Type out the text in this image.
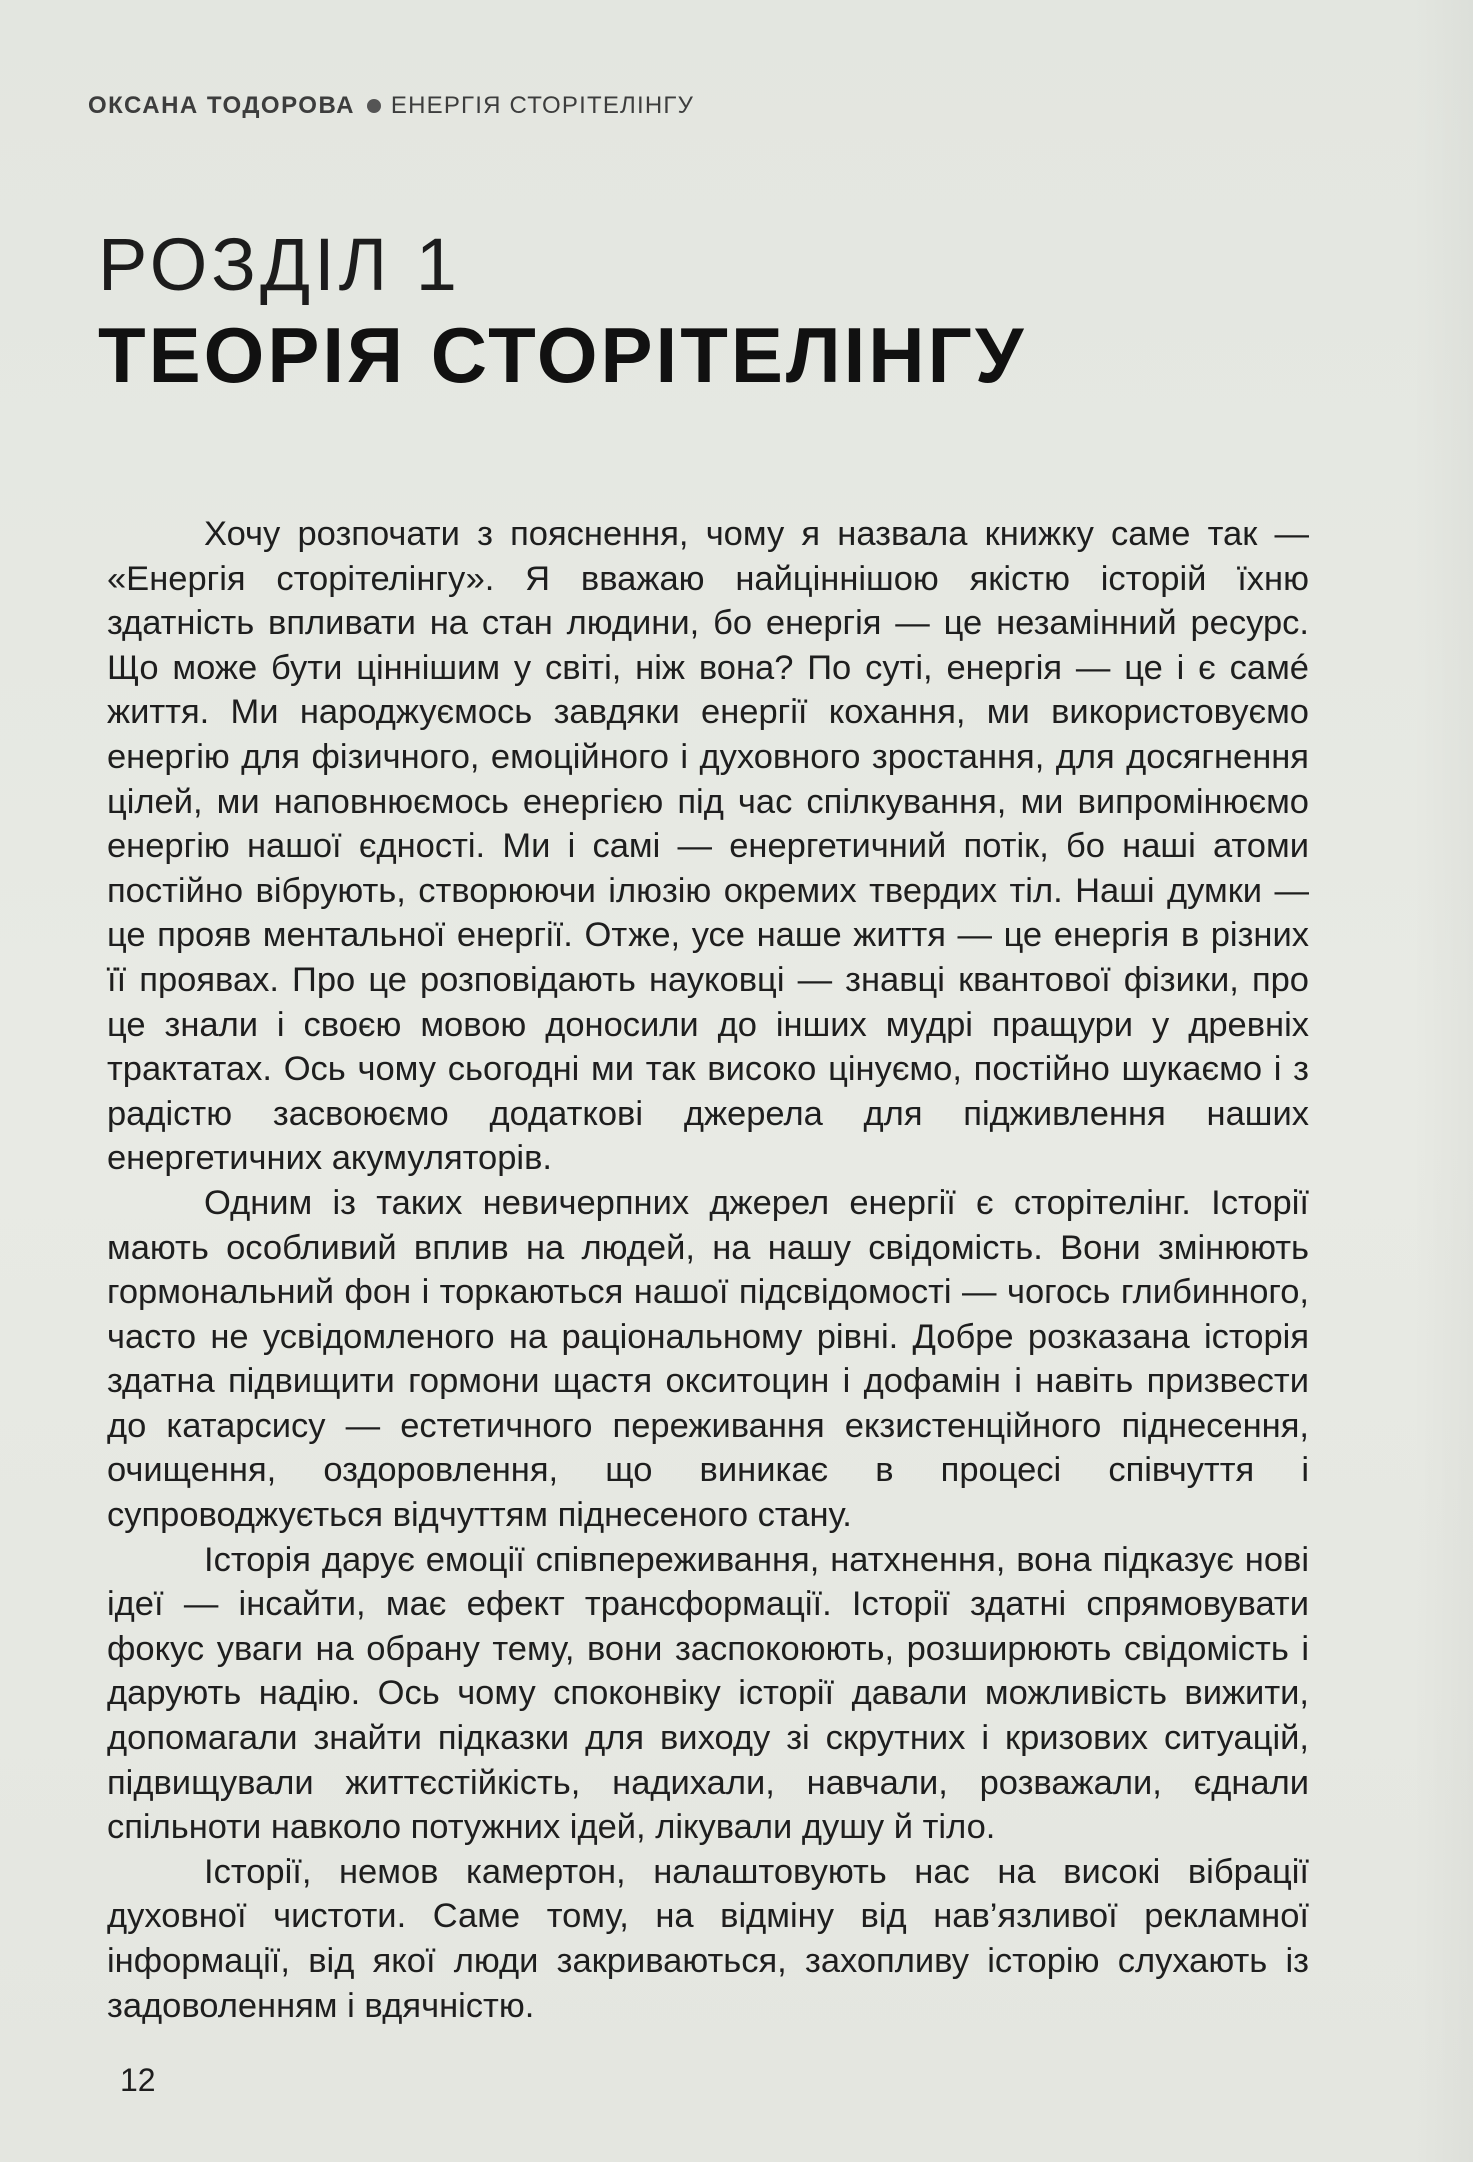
ОКСАНА ТОДОРОВА ЕНЕРГІЯ СТОРІТЕЛІНГУ
РОЗДІЛ 1
ТЕОРІЯ СТОРІТЕЛІНГУ

Хочу розпочати з пояснення, чому я назвала книжку саме так — «Енергія сторітелінгу». Я вважаю найціннішою якістю історій їхню здатність впливати на стан людини, бо енергія — це незамінний ресурс. Що може бути ціннішим у світі, ніж вона? По суті, енергія — це і є самé життя. Ми народжуємось завдяки енергії кохання, ми використовуємо енергію для фізичного, емоційного і духовного зростання, для досягнення цілей, ми наповнюємось енергією під час спілкування, ми випромінюємо енергію нашої єдності. Ми і самі — енергетичний потік, бо наші атоми постійно вібрують, створюючи ілюзію окремих твердих тіл. Наші думки — це прояв ментальної енергії. Отже, усе наше життя — це енергія в різних її проявах. Про це розповідають науковці — знавці квантової фізики, про це знали і своєю мовою доносили до інших мудрі пращури у древніх трактатах. Ось чому сьогодні ми так високо цінуємо, постійно шукаємо і з радістю засвоюємо додаткові джерела для підживлення наших енергетичних акумуляторів.

Одним із таких невичерпних джерел енергії є сторітелінг. Історії мають особливий вплив на людей, на нашу свідомість. Вони змінюють гормональний фон і торкаються нашої підсвідомості — чогось глибинного, часто не усвідомленого на раціональному рівні. Добре розказана історія здатна підвищити гормони щастя окситоцин і дофамін і навіть призвести до катарсису — естетичного переживання екзистенційного піднесення, очищення, оздоровлення, що виникає в процесі співчуття і супроводжується відчуттям піднесеного стану.

Історія дарує емоції співпереживання, натхнення, вона підказує нові ідеї — інсайти, має ефект трансформації. Історії здатні спрямовувати фокус уваги на обрану тему, вони заспокоюють, розширюють свідомість і дарують надію. Ось чому споконвіку історії давали можливість вижити, допомагали знайти підказки для виходу зі скрутних і кризових ситуацій, підвищували життєстійкість, надихали, навчали, розважали, єднали спільноти навколо потужних ідей, лікували душу й тіло.

Історії, немов камертон, налаштовують нас на високі вібрації духовної чистоти. Саме тому, на відміну від нав’язливої рекламної інформації, від якої люди закриваються, захопливу історію слухають із задоволенням і вдячністю.

12
